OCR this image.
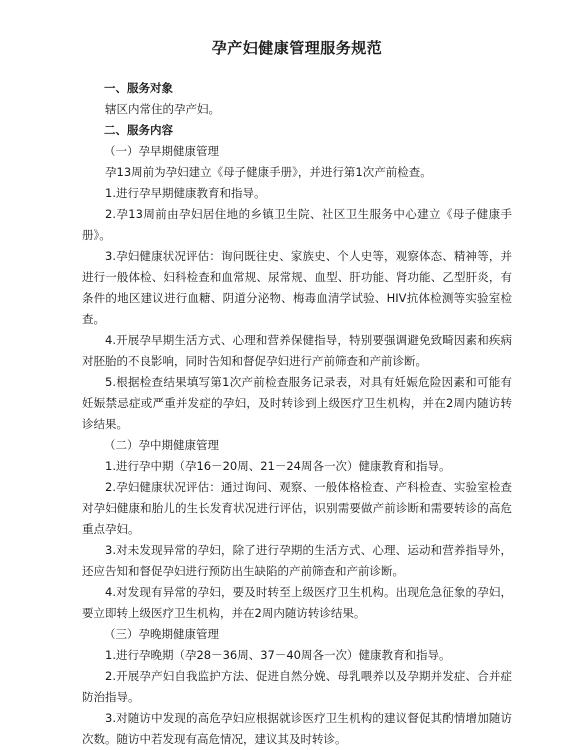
孕产妇健康管理服务规范
一、服务对象
辖区内常住的孕产妇。
二、服务内容
（一）孕早期健康管理
孕13周前为孕妇建立《母子健康手册》，并进行第1次产前检查。
1.进行孕早期健康教育和指导。
2.孕13周前由孕妇居住地的乡镇卫生院、社区卫生服务中心建立《母子健康手册》。
3.孕妇健康状况评估：询问既往史、家族史、个人史等，观察体态、精神等，并进行一般体检、妇科检查和血常规、尿常规、血型、肝功能、肾功能、乙型肝炎，有条件的地区建议进行血糖、阴道分泌物、梅毒血清学试验、HIV抗体检测等实验室检查。
4.开展孕早期生活方式、心理和营养保健指导，特别要强调避免致畸因素和疾病对胚胎的不良影响，同时告知和督促孕妇进行产前筛查和产前诊断。
5.根据检查结果填写第1次产前检查服务记录表，对具有妊娠危险因素和可能有妊娠禁忌症或严重并发症的孕妇，及时转诊到上级医疗卫生机构，并在2周内随访转诊结果。
（二）孕中期健康管理
1.进行孕中期（孕16－20周、21－24周各一次）健康教育和指导。
2.孕妇健康状况评估：通过询问、观察、一般体格检查、产科检查、实验室检查对孕妇健康和胎儿的生长发育状况进行评估，识别需要做产前诊断和需要转诊的高危重点孕妇。
3.对未发现异常的孕妇，除了进行孕期的生活方式、心理、运动和营养指导外，还应告知和督促孕妇进行预防出生缺陷的产前筛查和产前诊断。
4.对发现有异常的孕妇，要及时转至上级医疗卫生机构。出现危急征象的孕妇，要立即转上级医疗卫生机构，并在2周内随访转诊结果。
（三）孕晚期健康管理
1.进行孕晚期（孕28－36周、37－40周各一次）健康教育和指导。
2.开展孕产妇自我监护方法、促进自然分娩、母乳喂养以及孕期并发症、合并症防治指导。
3.对随访中发现的高危孕妇应根据就诊医疗卫生机构的建议督促其酌情增加随访次数。随访中若发现有高危情况，建议其及时转诊。
